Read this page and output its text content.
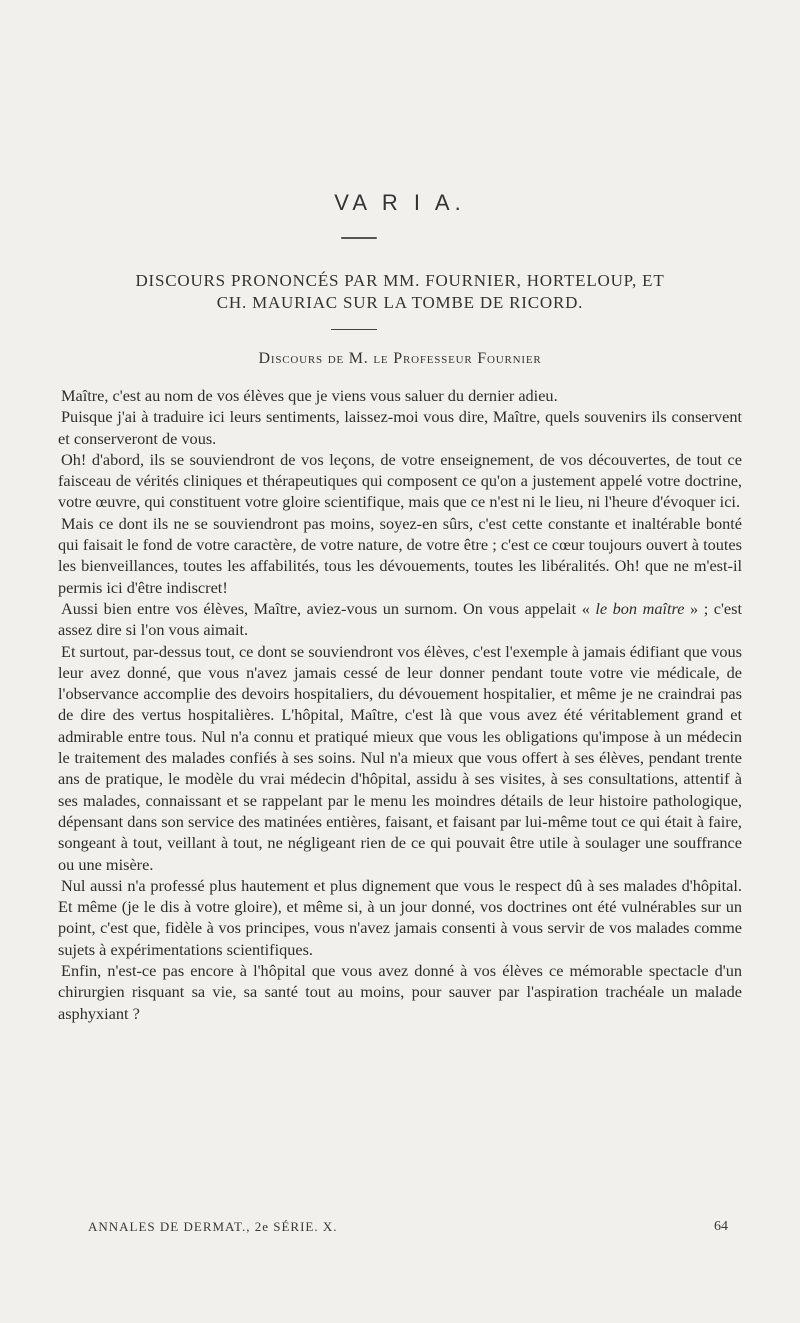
VA R I A.
DISCOURS PRONONCÉS PAR MM. FOURNIER, HORTELOUP, ET
CH. MAURIAC SUR LA TOMBE DE RICORD.
Discours de M. le Professeur Fournier

Maître, c'est au nom de vos élèves que je viens vous saluer du dernier adieu.

Puisque j'ai à traduire ici leurs sentiments, laissez-moi vous dire, Maître, quels souvenirs ils conservent et conserveront de vous.

Oh! d'abord, ils se souviendront de vos leçons, de votre enseignement, de vos découvertes, de tout ce faisceau de vérités cliniques et thérapeutiques qui composent ce qu'on a justement appelé votre doctrine, votre œuvre, qui constituent votre gloire scientifique, mais que ce n'est ni le lieu, ni l'heure d'évoquer ici.

Mais ce dont ils ne se souviendront pas moins, soyez-en sûrs, c'est cette constante et inaltérable bonté qui faisait le fond de votre caractère, de votre nature, de votre être ; c'est ce cœur toujours ouvert à toutes les bienveillances, toutes les affabilités, tous les dévouements, toutes les libéralités. Oh! que ne m'est-il permis ici d'être indiscret!

Aussi bien entre vos élèves, Maître, aviez-vous un surnom. On vous appelait « le bon maître » ; c'est assez dire si l'on vous aimait.

Et surtout, par-dessus tout, ce dont se souviendront vos élèves, c'est l'exemple à jamais édifiant que vous leur avez donné, que vous n'avez jamais cessé de leur donner pendant toute votre vie médicale, de l'observance accomplie des devoirs hospitaliers, du dévouement hospitalier, et même je ne craindrai pas de dire des vertus hospitalières. L'hôpital, Maître, c'est là que vous avez été véritablement grand et admirable entre tous. Nul n'a connu et pratiqué mieux que vous les obligations qu'impose à un médecin le traitement des malades confiés à ses soins. Nul n'a mieux que vous offert à ses élèves, pendant trente ans de pratique, le modèle du vrai médecin d'hôpital, assidu à ses visites, à ses consultations, attentif à ses malades, connaissant et se rappelant par le menu les moindres détails de leur histoire pathologique, dépensant dans son service des matinées entières, faisant, et faisant par lui-même tout ce qui était à faire, songeant à tout, veillant à tout, ne négligeant rien de ce qui pouvait être utile à soulager une souffrance ou une misère.

Nul aussi n'a professé plus hautement et plus dignement que vous le respect dû à ses malades d'hôpital. Et même (je le dis à votre gloire), et même si, à un jour donné, vos doctrines ont été vulnérables sur un point, c'est que, fidèle à vos principes, vous n'avez jamais consenti à vous servir de vos malades comme sujets à expérimentations scientifiques.

Enfin, n'est-ce pas encore à l'hôpital que vous avez donné à vos élèves ce mémorable spectacle d'un chirurgien risquant sa vie, sa santé tout au moins, pour sauver par l'aspiration trachéale un malade asphyxiant ?

ANNALES DE DERMAT., 2e SÉRIE. X.	64
